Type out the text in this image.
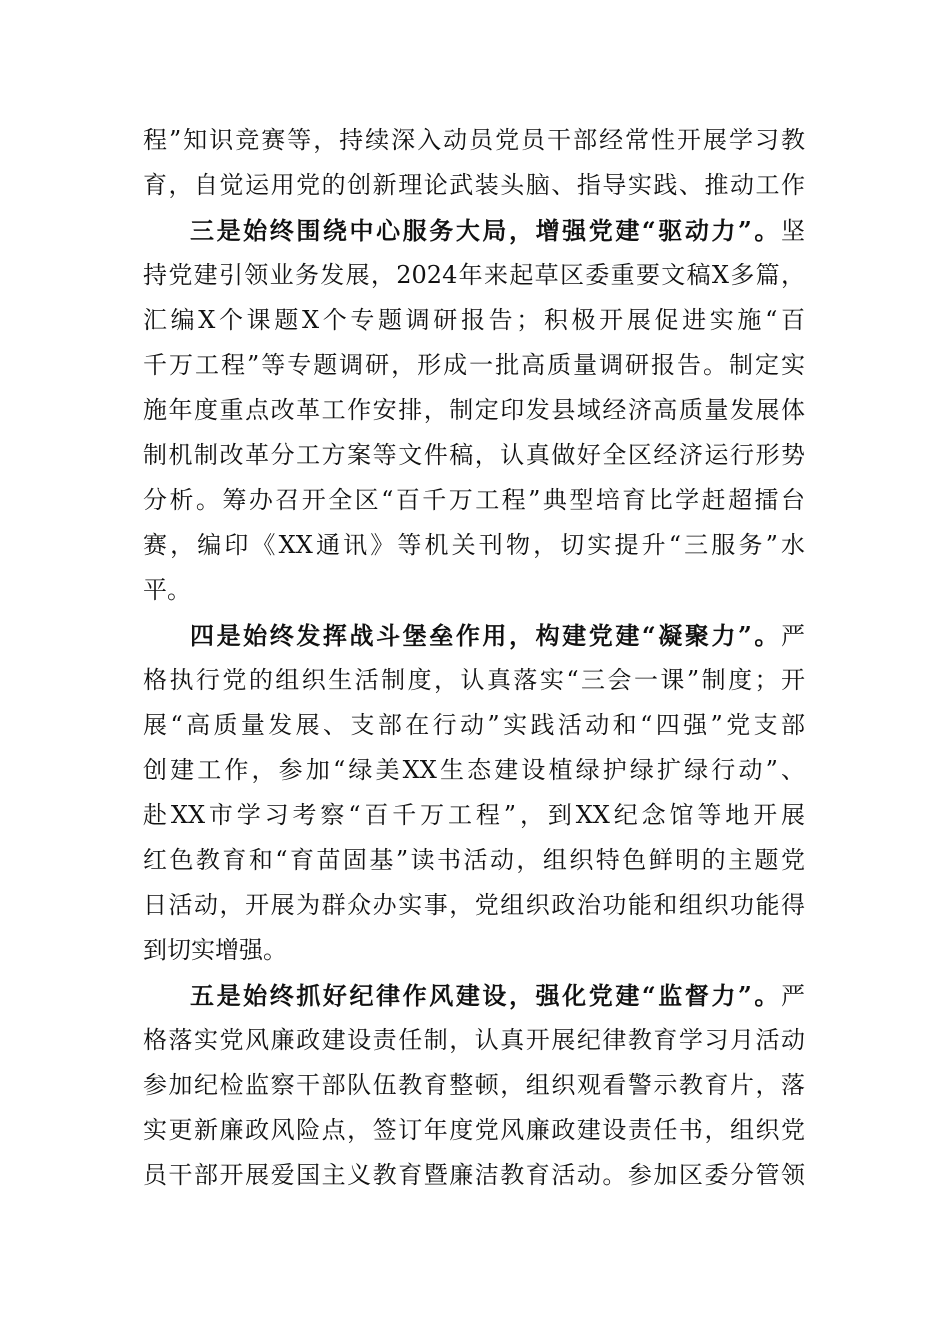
程”知识竞赛等，持续深入动员党员干部经常性开展学习教
育，自觉运用党的创新理论武装头脑、指导实践、推动工作
三是始终围绕中心服务大局，增强党建“驱动力”。坚
持党建引领业务发展，2024年来起草区委重要文稿X多篇，
汇编X个课题X个专题调研报告；积极开展促进实施“百
千万工程”等专题调研，形成一批高质量调研报告。制定实
施年度重点改革工作安排，制定印发县域经济高质量发展体
制机制改革分工方案等文件稿，认真做好全区经济运行形势
分析。筹办召开全区“百千万工程”典型培育比学赶超擂台
赛，编印《XX通讯》等机关刊物，切实提升“三服务”水
平。
四是始终发挥战斗堡垒作用，构建党建“凝聚力”。严
格执行党的组织生活制度，认真落实“三会一课”制度；开
展“高质量发展、支部在行动”实践活动和“四强”党支部
创建工作，参加“绿美XX生态建设植绿护绿扩绿行动”、
赴XX市学习考察“百千万工程”，到XX纪念馆等地开展
红色教育和“育苗固基”读书活动，组织特色鲜明的主题党
日活动，开展为群众办实事，党组织政治功能和组织功能得
到切实增强。
五是始终抓好纪律作风建设，强化党建“监督力”。严
格落实党风廉政建设责任制，认真开展纪律教育学习月活动
参加纪检监察干部队伍教育整顿，组织观看警示教育片，落
实更新廉政风险点，签订年度党风廉政建设责任书，组织党
员干部开展爱国主义教育暨廉洁教育活动。参加区委分管领
